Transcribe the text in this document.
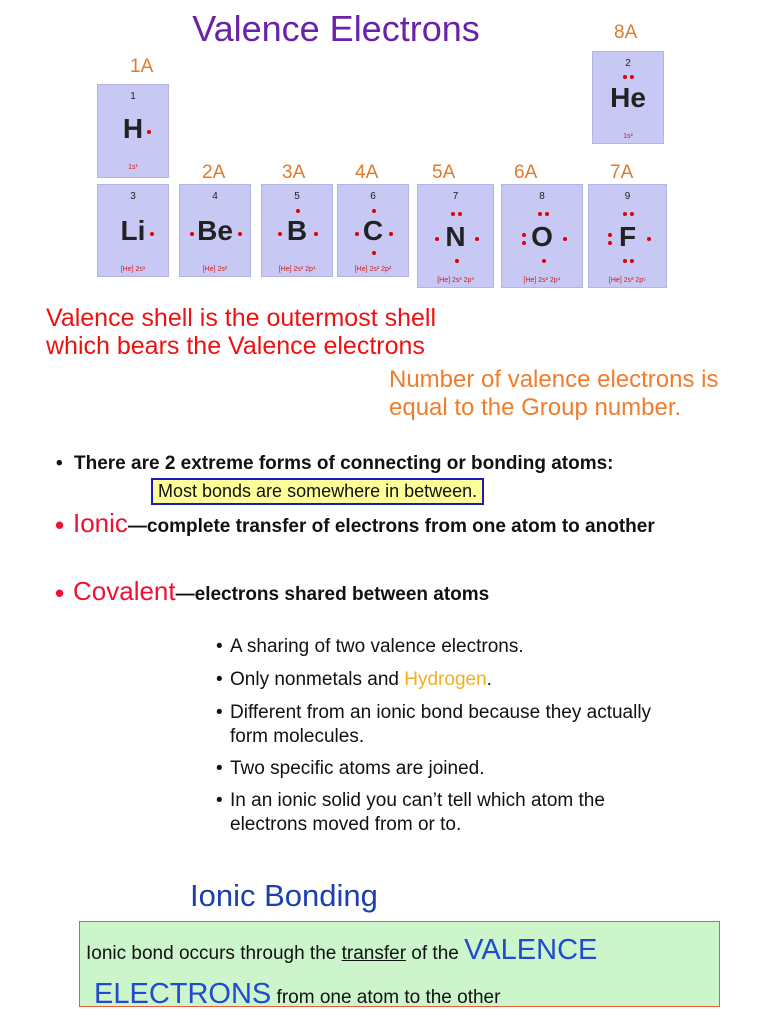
Valence Electrons
1A
2A	3A	4A	5A	6A	7A
8A
1
H
1s¹
2
He
1s²
3
Li
[He] 2s¹
4
Be
[He] 2s²
5
B
[He] 2s² 2p¹
6
C
[He] 2s² 2p²
7
N
[He] 2s² 2p³
8
O
[He] 2s² 2p⁴
9
F
[He] 2s² 2p⁵
Valence shell is the outermost shell which bears the Valence electrons
Number of valence electrons is equal to the Group number.
• There are 2 extreme forms of connecting or bonding atoms:
Most bonds are somewhere in between.
• Ionic—complete transfer of electrons from one atom to another
• Covalent—electrons shared between atoms
• A sharing of two valence electrons.
• Only nonmetals and Hydrogen.
• Different from an ionic bond because they actually form molecules.
• Two specific atoms are joined.
• In an ionic solid you can’t tell which atom the electrons moved from or to.
Ionic Bonding
Ionic bond occurs through the transfer of the VALENCE
ELECTRONS from one atom to the other
